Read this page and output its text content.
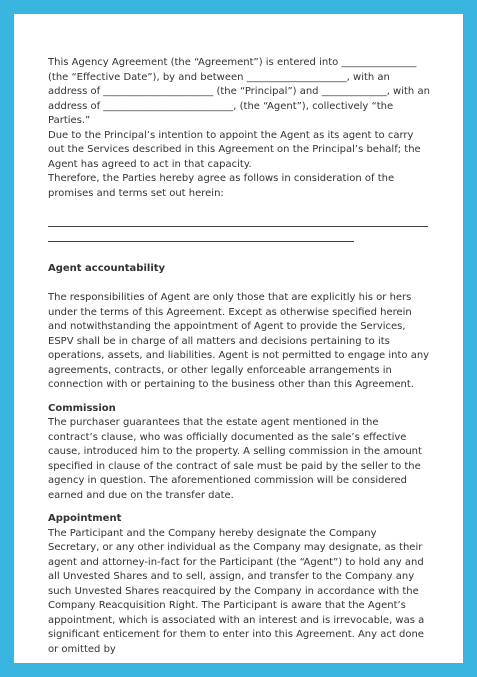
This Agency Agreement (the “Agreement”) is entered into _______________ (the “Effective Date”), by and between ____________________, with an address of ______________________ (the “Principal”) and _____________, with an address of __________________________, (the “Agent”), collectively “the Parties.”

Due to the Principal’s intention to appoint the Agent as its agent to carry out the Services described in this Agreement on the Principal’s behalf; the Agent has agreed to act in that capacity.

Therefore, the Parties hereby agree as follows in consideration of the promises and terms set out herein:

Agent accountability

The responsibilities of Agent are only those that are explicitly his or hers under the terms of this Agreement. Except as otherwise specified herein and notwithstanding the appointment of Agent to provide the Services, ESPV shall be in charge of all matters and decisions pertaining to its operations, assets, and liabilities. Agent is not permitted to engage into any agreements, contracts, or other legally enforceable arrangements in connection with or pertaining to the business other than this Agreement.

Commission

The purchaser guarantees that the estate agent mentioned in the contract’s clause, who was officially documented as the sale’s effective cause, introduced him to the property. A selling commission in the amount specified in clause of the contract of sale must be paid by the seller to the agency in question. The aforementioned commission will be considered earned and due on the transfer date.

Appointment

The Participant and the Company hereby designate the Company Secretary, or any other individual as the Company may designate, as their agent and attorney-in-fact for the Participant (the “Agent”) to hold any and all Unvested Shares and to sell, assign, and transfer to the Company any such Unvested Shares reacquired by the Company in accordance with the Company Reacquisition Right. The Participant is aware that the Agent’s appointment, which is associated with an interest and is irrevocable, was a significant enticement for them to enter into this Agreement. Any act done or omitted by
